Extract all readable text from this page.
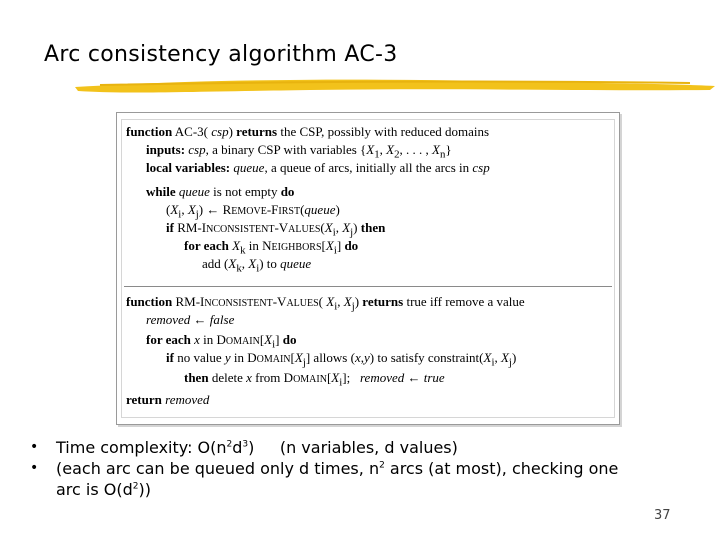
Arc consistency algorithm AC-3
function AC-3( csp) returns the CSP, possibly with reduced domains
inputs: csp, a binary CSP with variables {$X_1$, $X_2$, . . . , $X_n$}
local variables: queue, a queue of arcs, initially all the arcs in csp
while queue is not empty do
($X_i$, $X_j$) ← REMOVE-FIRST(queue)
if $RM-INCONSISTENT-VALUES(X_i$, $X_j$) then
for each $X_k$ in $NEIGHBORS[X_i]$ do
add ($X_k$, $X_i$) to queue
function RM-INCONSISTENT-VALUES( $X_i$, $X_j$) returns true iff remove a value
removed ← false
for each x in $DOMAIN[X_i]$ do
if no value y in $DOMAIN[X_j]$ allows (x,y) to satisfy $constraint(X_i$, $X_j$)
then delete x from $DOMAIN[X_i]$;   removed ← true
return removed
•	Time complexity: $O(n^2d^3)$     (n variables, d values)
•	(each arc can be queued only d times, $n^2$ arcs (at most), checking one
arc is $O(d^2)$)
37
